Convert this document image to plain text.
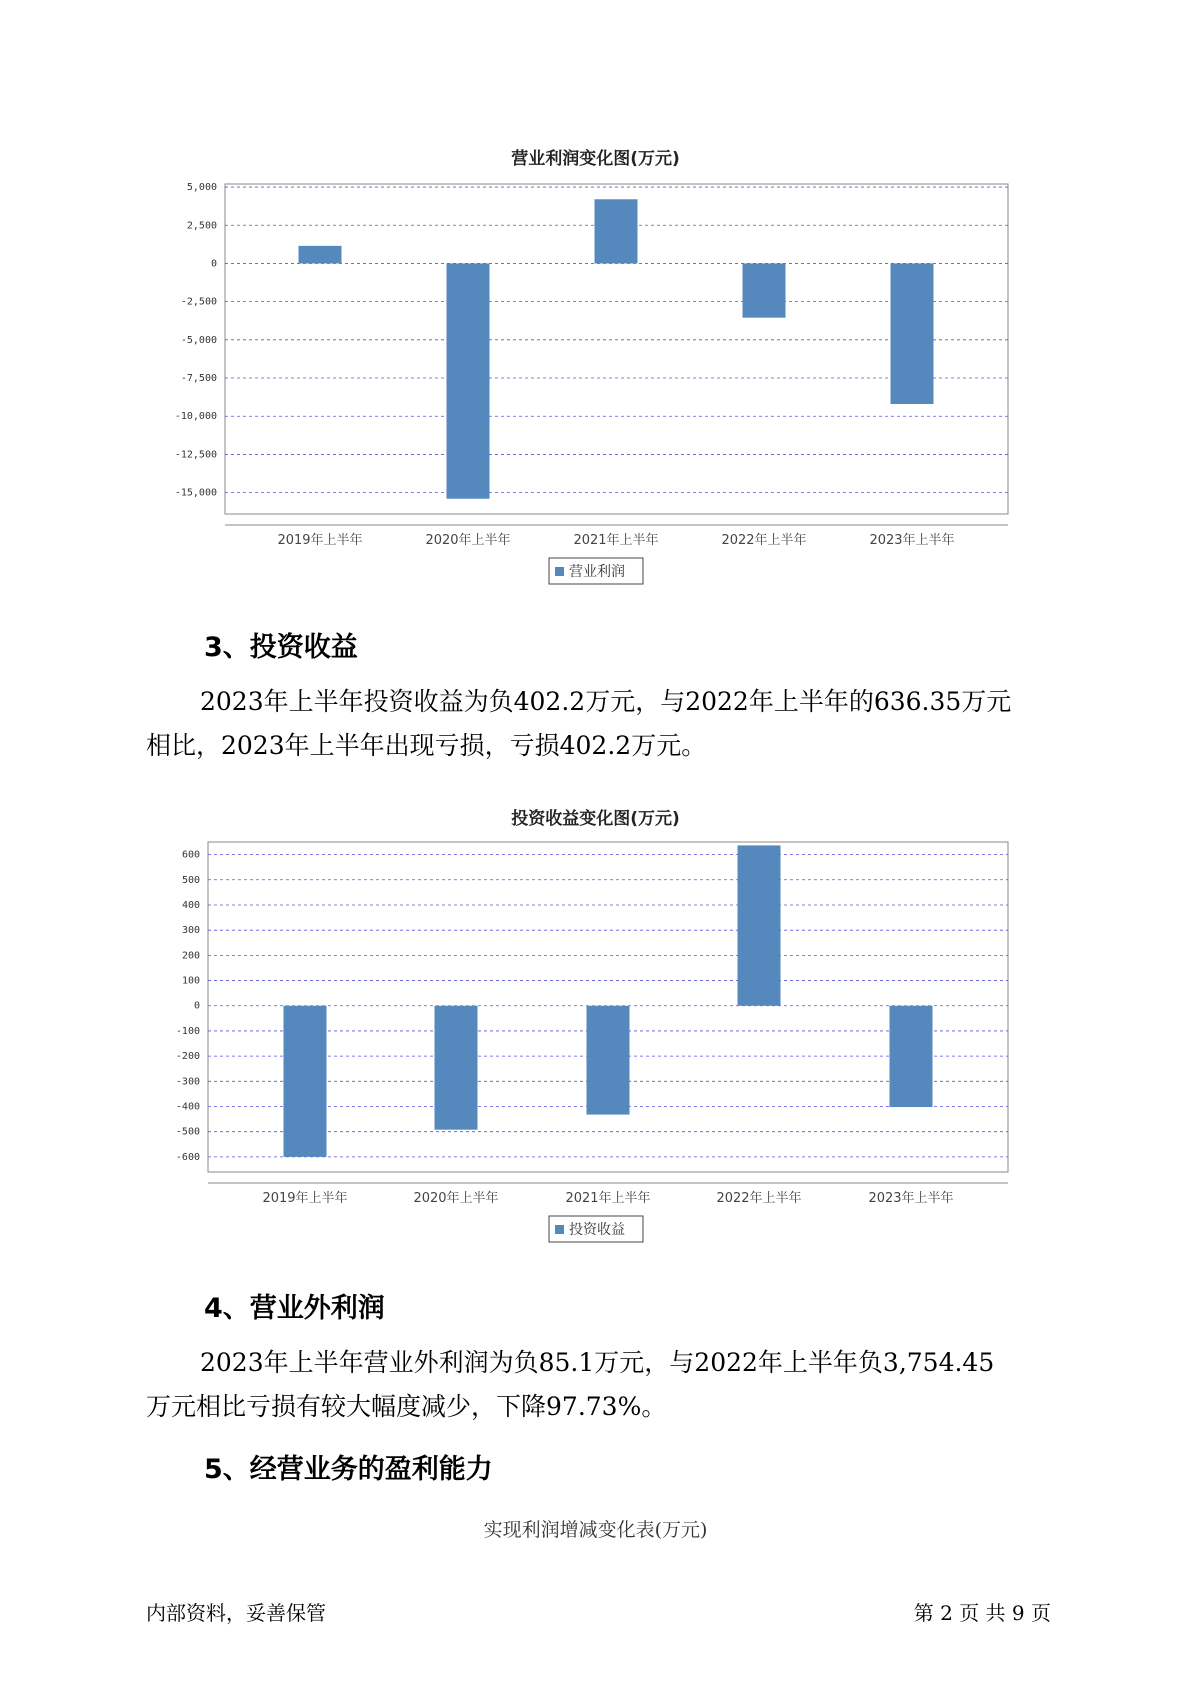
营业利润变化图(万元)
5,000
2,500
0
-2,500
-5,000
-7,500
-10,000
-12,500
-15,000
2019年上半年	2020年上半年	2021年上半年	2022年上半年	2023年上半年
营业利润
3、投资收益

2023年上半年投资收益为负402.2万元，与2022年上半年的636.35万元

相比，2023年上半年出现亏损，亏损402.2万元。

投资收益变化图(万元)
600
500
400
300
200
100
0
-100
-200
-300
-400
-500
-600
2019年上半年	2020年上半年	2021年上半年	2022年上半年	2023年上半年
投资收益
4、营业外利润

2023年上半年营业外利润为负85.1万元，与2022年上半年负3,754.45

万元相比亏损有较大幅度减少，下降97.73%。

5、经营业务的盈利能力
实现利润增减变化表(万元)
内部资料，妥善保管	第 2 页 共 9 页
